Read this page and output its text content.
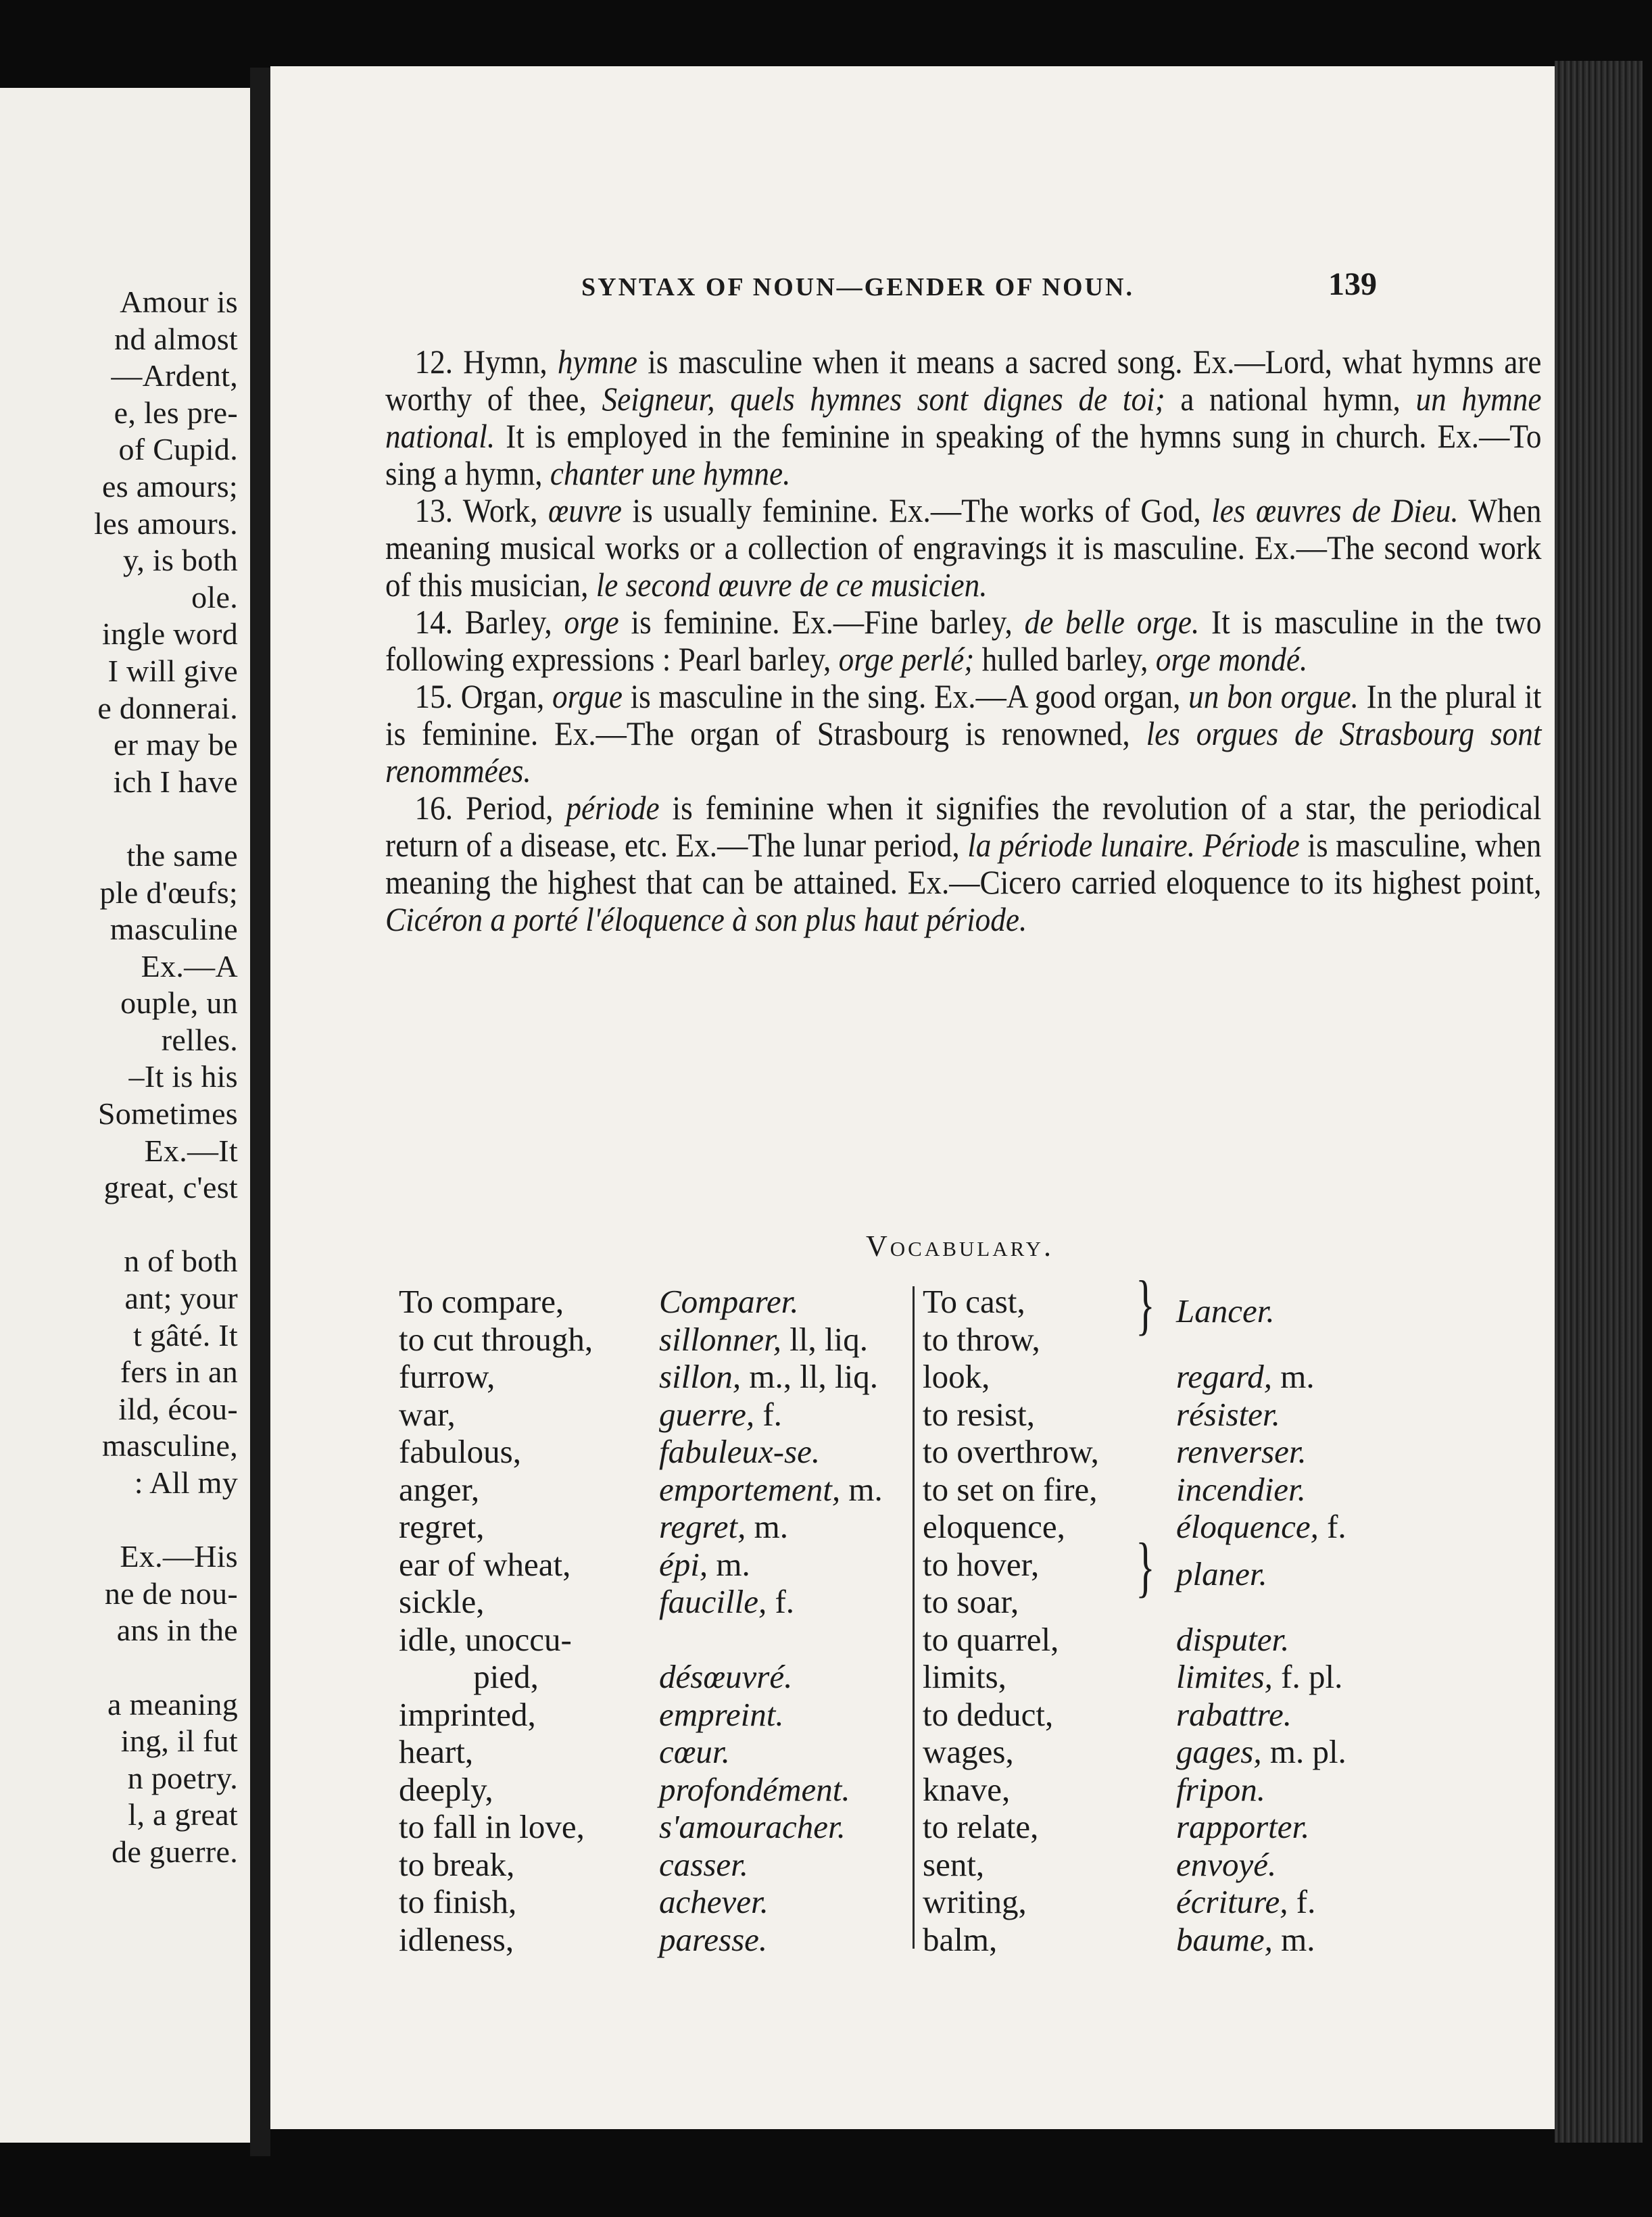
Amour is
nd almost
—Ardent,
e, les pre-
of Cupid.
es amours;
les amours.
y, is both
ole.
ingle word
I will give
e donnerai.
er may be
ich I have

the same
ple d'œufs;
masculine
Ex.—A
ouple, un
relles.
–It is his
Sometimes
Ex.—It
great, c'est

n of both
ant; your
t gâté. It
fers in an
ild, écou-
masculine,
: All my

Ex.—His
ne de nou-
ans in the

a meaning
ing, il fut
n poetry.
l, a great
de guerre.
SYNTAX OF NOUN—GENDER OF NOUN.	139

12. Hymn, hymne is masculine when it means a sacred song. Ex.—Lord, what hymns are worthy of thee, Seigneur, quels hymnes sont dignes de toi; a national hymn, un hymne national. It is employed in the feminine in speaking of the hymns sung in church. Ex.—To sing a hymn, chanter une hymne.

13. Work, œuvre is usually feminine. Ex.—The works of God, les œuvres de Dieu. When meaning musical works or a collection of engravings it is masculine. Ex.—The second work of this musician, le second œuvre de ce musicien.

14. Barley, orge is feminine. Ex.—Fine barley, de belle orge. It is masculine in the two following expressions : Pearl barley, orge perlé; hulled barley, orge mondé.

15. Organ, orgue is masculine in the sing. Ex.—A good organ, un bon orgue. In the plural it is feminine. Ex.—The organ of Strasbourg is renowned, les orgues de Strasbourg sont renommées.

16. Period, période is feminine when it signifies the revolution of a star, the periodical return of a disease, etc. Ex.—The lunar period, la période lunaire. Période is masculine, when meaning the highest that can be attained. Ex.—Cicero carried eloquence to its highest point, Cicéron a porté l'éloquence à son plus haut période.

Vocabulary.
To compare,
to cut through,
furrow,
war,
fabulous,
anger,
regret,
ear of wheat,
sickle,
idle, unoccu-
pied,
imprinted,
heart,
deeply,
to fall in love,
to break,
to finish,
idleness,
Comparer.
sillonner, ll, liq.
sillon, m., ll, liq.
guerre, f.
fabuleux-se.
emportement, m.
regret, m.
épi, m.
faucille, f.

désœuvré.
empreint.
cœur.
profondément.
s'amouracher.
casser.
achever.
paresse.
To cast,
to throw,
look,
to resist,
to overthrow,
to set on fire,
eloquence,
to hover,
to soar,
to quarrel,
limits,
to deduct,
wages,
knave,
to relate,
sent,
writing,
balm,
Lancer.

regard, m.
résister.
renverser.
incendier.
éloquence, f.
planer.

disputer.
limites, f. pl.
rabattre.
gages, m. pl.
fripon.
rapporter.
envoyé.
écriture, f.
baume, m.
}
}
